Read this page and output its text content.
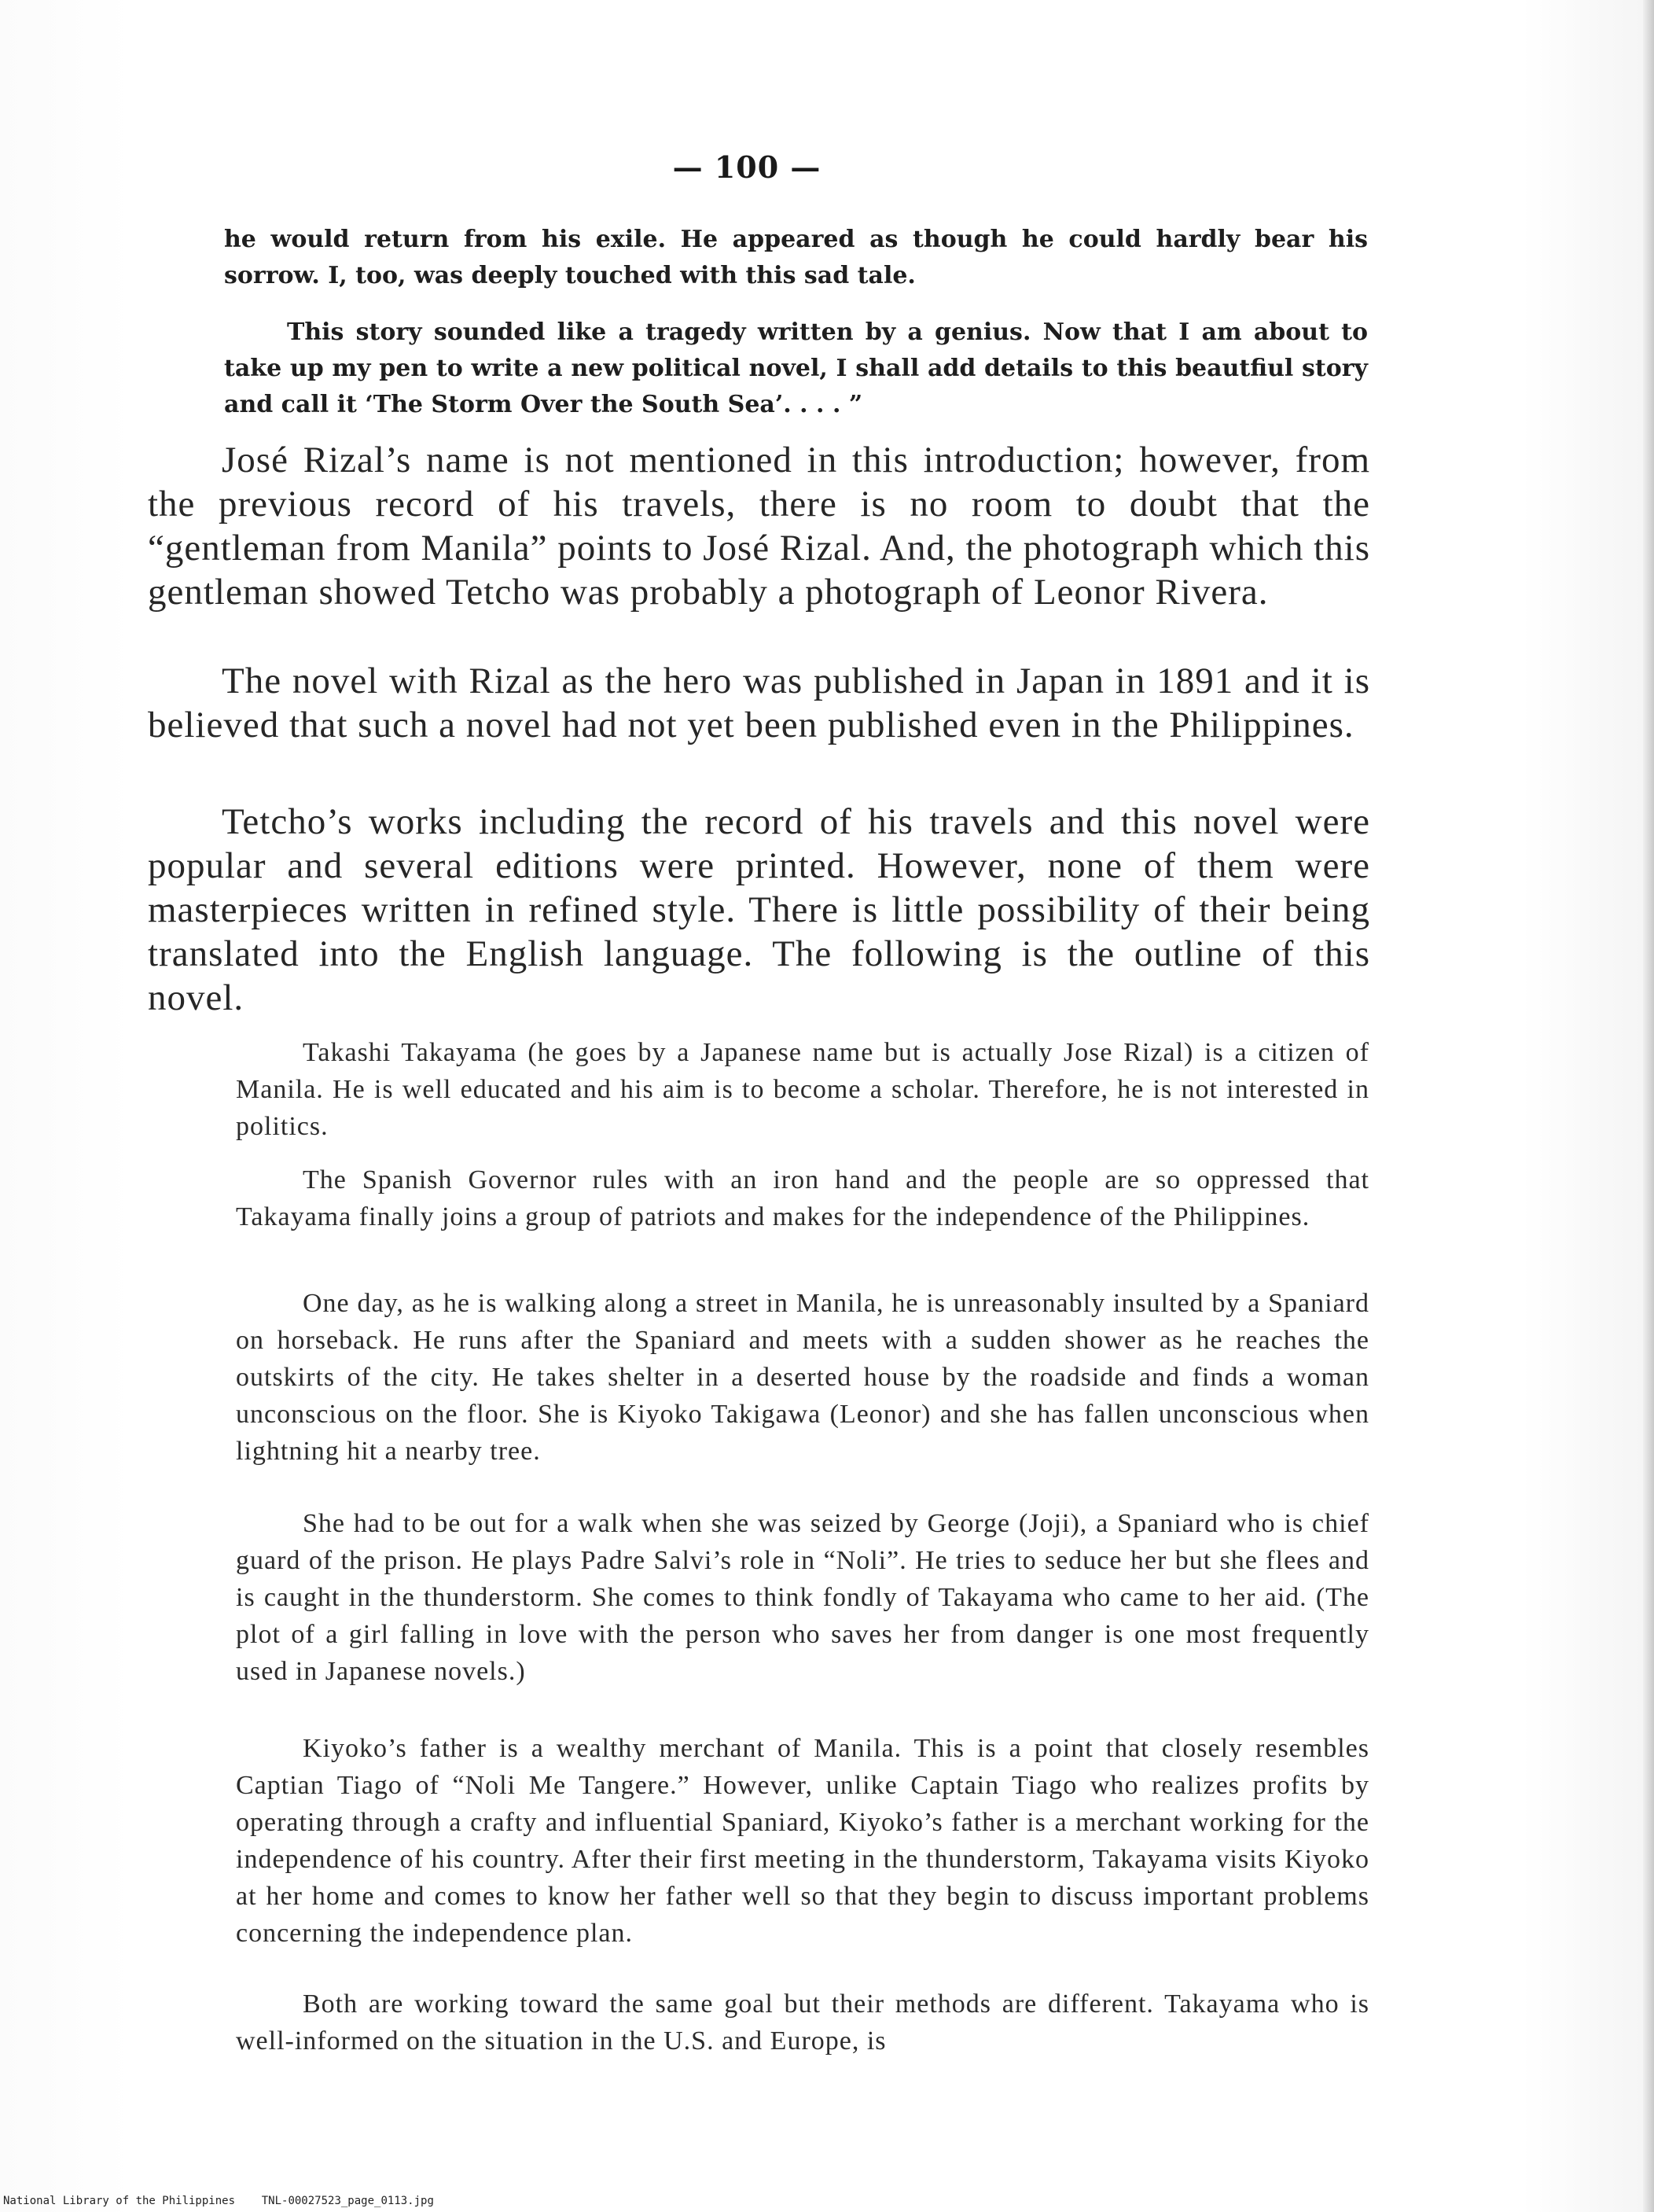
— 100 —

he would return from his exile. He appeared as though he could hardly bear his sorrow. I, too, was deeply touched with this sad tale.

This story sounded like a tragedy written by a genius. Now that I am about to take up my pen to write a new political novel, I shall add details to this beautfiul story and call it ‘The Storm Over the South Sea’. . . . ”

José Rizal’s name is not mentioned in this introduction; however, from the previous record of his travels, there is no room to doubt that the “gentleman from Manila” points to José Rizal. And, the photograph which this gentleman showed Tetcho was probably a photograph of Leonor Rivera.

The novel with Rizal as the hero was published in Japan in 1891 and it is believed that such a novel had not yet been published even in the Philippines.

Tetcho’s works including the record of his travels and this novel were popular and several editions were printed. However, none of them were masterpieces written in refined style. There is little possibility of their being translated into the English language. The following is the outline of this novel.

Takashi Takayama (he goes by a Japanese name but is actually Jose Rizal) is a citizen of Manila. He is well educated and his aim is to become a scholar. Therefore, he is not interested in politics.

The Spanish Governor rules with an iron hand and the people are so oppressed that Takayama finally joins a group of patriots and makes for the independence of the Philippines.

One day, as he is walking along a street in Manila, he is unreasonably insulted by a Spaniard on horseback. He runs after the Spaniard and meets with a sudden shower as he reaches the outskirts of the city. He takes shelter in a deserted house by the roadside and finds a woman unconscious on the floor. She is Kiyoko Takigawa (Leonor) and she has fallen unconscious when lightning hit a nearby tree.

She had to be out for a walk when she was seized by George (Joji), a Spaniard who is chief guard of the prison. He plays Padre Salvi’s role in “Noli”. He tries to seduce her but she flees and is caught in the thunderstorm. She comes to think fondly of Takayama who came to her aid. (The plot of a girl falling in love with the person who saves her from danger is one most frequently used in Japanese novels.)

Kiyoko’s father is a wealthy merchant of Manila. This is a point that closely resembles Captian Tiago of “Noli Me Tangere.” However, unlike Captain Tiago who realizes profits by operating through a crafty and influential Spaniard, Kiyoko’s father is a merchant working for the independence of his country. After their first meeting in the thunderstorm, Takayama visits Kiyoko at her home and comes to know her father well so that they begin to discuss important problems concerning the independence plan.

Both are working toward the same goal but their methods are different. Takayama who is well-informed on the situation in the U.S. and Europe, is

National Library of the Philippines TNL-00027523_page_0113.jpg
